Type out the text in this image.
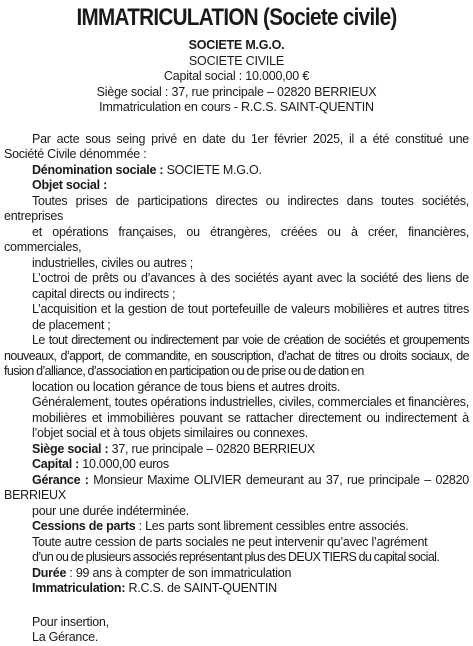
IMMATRICULATION (Societe civile)
SOCIETE M.G.O.
SOCIETE CIVILE
Capital social : 10.000,00 €
Siège social : 37, rue principale – 02820 BERRIEUX
Immatriculation en cours - R.C.S. SAINT-QUENTIN

Par acte sous seing privé en date du 1er février 2025, il a été constitué une Société Civile dénommée :

Dénomination sociale : SOCIETE M.G.O.

Objet social :

Toutes prises de participations directes ou indirectes dans toutes sociétés, entreprises

et opérations françaises, ou étrangères, créées ou à créer, financières, commerciales,

industrielles, civiles ou autres ;

L’octroi de prêts ou d’avances à des sociétés ayant avec la société des liens de capital directs ou indirects ;

L’acquisition et la gestion de tout portefeuille de valeurs mobilières et autres titres de placement ;

Le tout directement ou indirectement par voie de création de sociétés et groupements nouveaux, d’apport, de commandite, en souscription, d’achat de titres ou droits sociaux, de fusion d’alliance, d’association en participation ou de prise ou de dation en

location ou location gérance de tous biens et autres droits.

Généralement, toutes opérations industrielles, civiles, commerciales et financières, mobilières et immobilières pouvant se rattacher directement ou indirectement à l’objet social et à tous objets similaires ou connexes.

Siège social : 37, rue principale – 02820 BERRIEUX

Capital : 10.000,00 euros

Gérance : Monsieur Maxime OLIVIER demeurant au 37, rue principale – 02820 BERRIEUX

pour une durée indéterminée.

Cessions de parts : Les parts sont librement cessibles entre associés.

Toute autre cession de parts sociales ne peut intervenir qu’avec l’agrément

d’un ou de plusieurs associés représentant plus des DEUX TIERS du capital social.

Durée : 99 ans à compter de son immatriculation

Immatriculation: R.C.S. de SAINT-QUENTIN

Pour insertion,

La Gérance.
